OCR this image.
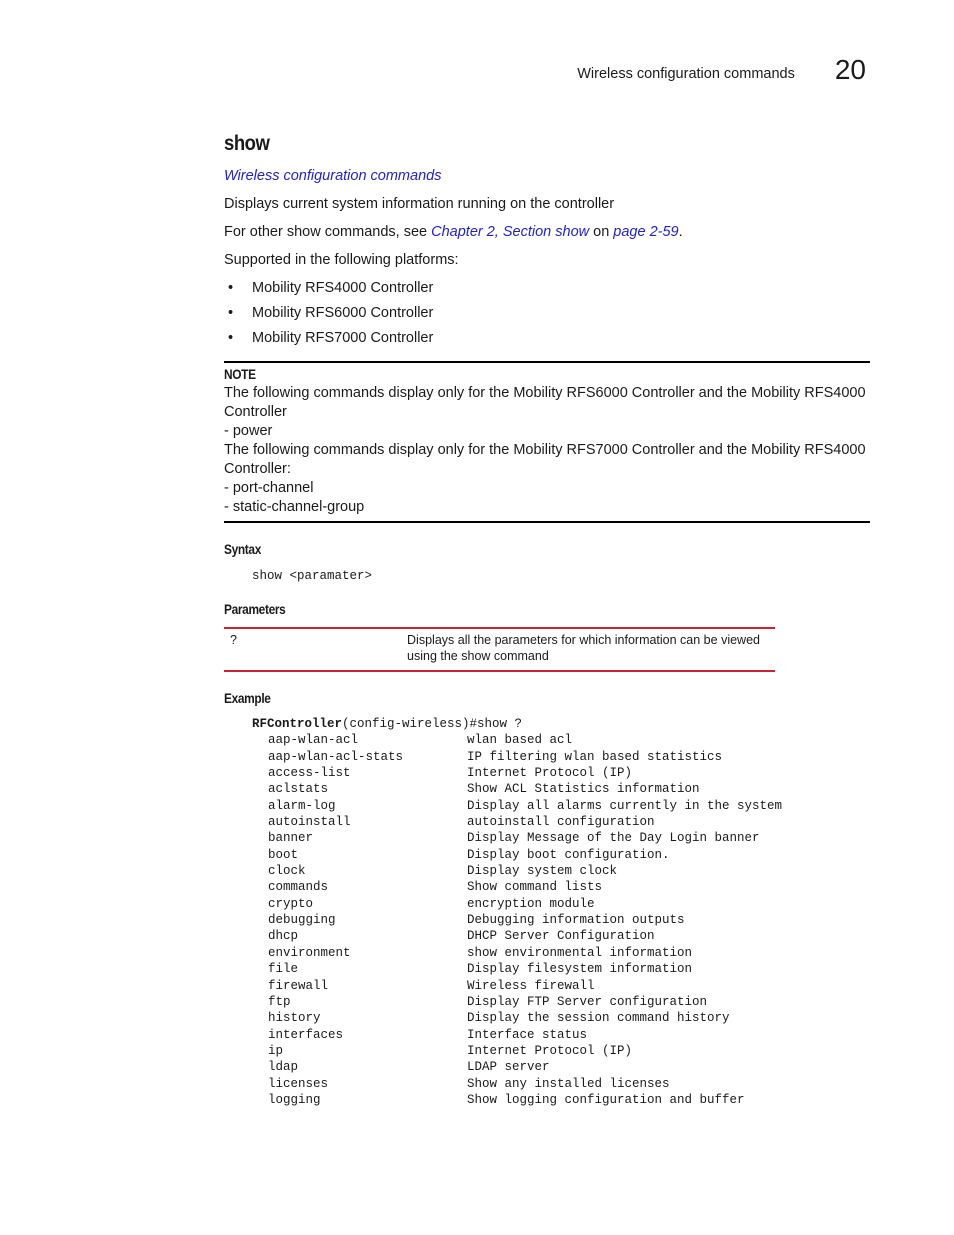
Wireless configuration commands 20
show

Wireless configuration commands

Displays current system information running on the controller

For other show commands, see Chapter 2, Section show on page 2-59.

Supported in the following platforms:

•	Mobility RFS4000 Controller
•	Mobility RFS6000 Controller
•	Mobility RFS7000 Controller
NOTE
The following commands display only for the Mobility RFS6000 Controller and the Mobility RFS4000 Controller
- power
The following commands display only for the Mobility RFS7000 Controller and the Mobility RFS4000 Controller:
- port-channel
- static-channel-group
Syntax
show <paramater>
Parameters
?	Displays all the parameters for which information can be viewed using the show command
Example
RFController(config-wireless)#show ?
aap-wlan-acl	wlan based acl
aap-wlan-acl-stats	IP filtering wlan based statistics
access-list	Internet Protocol (IP)
aclstats	Show ACL Statistics information
alarm-log	Display all alarms currently in the system
autoinstall	autoinstall configuration
banner	Display Message of the Day Login banner
boot	Display boot configuration.
clock	Display system clock
commands	Show command lists
crypto	encryption module
debugging	Debugging information outputs
dhcp	DHCP Server Configuration
environment	show environmental information
file	Display filesystem information
firewall	Wireless firewall
ftp	Display FTP Server configuration
history	Display the session command history
interfaces	Interface status
ip	Internet Protocol (IP)
ldap	LDAP server
licenses	Show any installed licenses
logging	Show logging configuration and buffer
